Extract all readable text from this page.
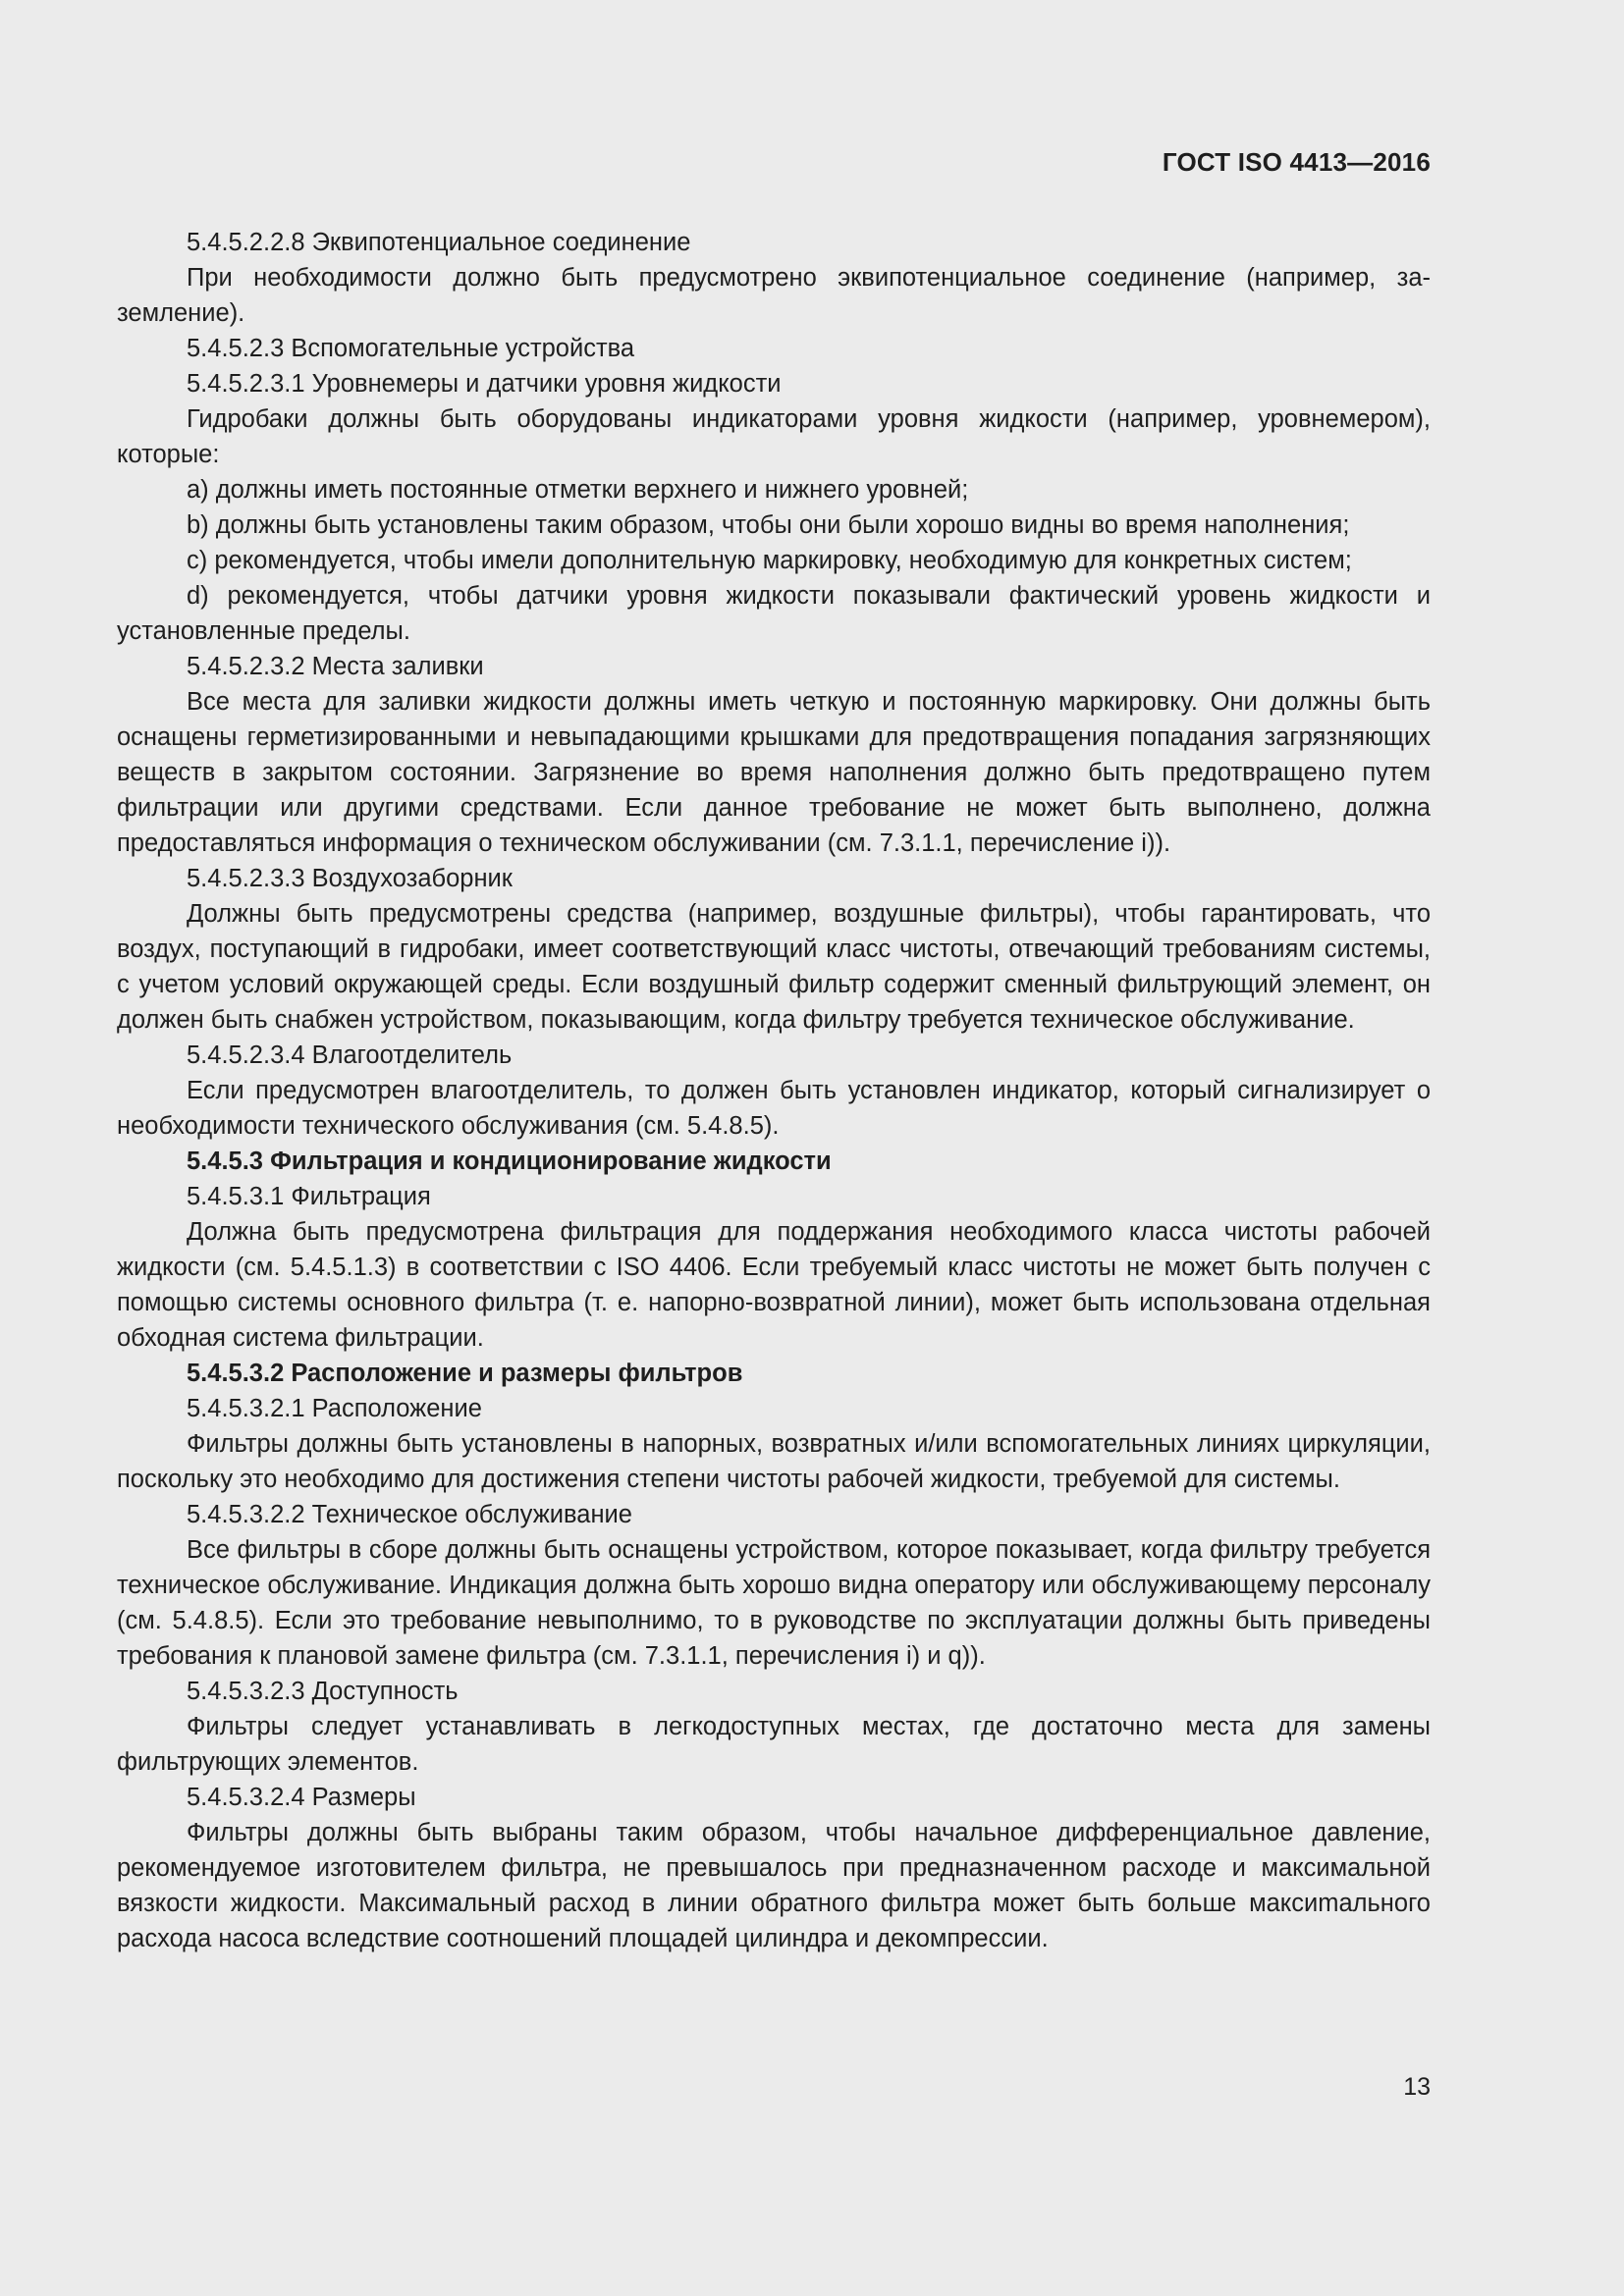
ГОСТ ISO 4413—2016

5.4.5.2.2.8 Эквипотенциальное соединение

При необходимости должно быть предусмотрено эквипотенциальное соединение (например, заземление).

5.4.5.2.3 Вспомогательные устройства

5.4.5.2.3.1 Уровнемеры и датчики уровня жидкости

Гидробаки должны быть оборудованы индикаторами уровня жидкости (например, уровнемером), которые:

a) должны иметь постоянные отметки верхнего и нижнего уровней;

b) должны быть установлены таким образом, чтобы они были хорошо видны во время наполнения;

c) рекомендуется, чтобы имели дополнительную маркировку, необходимую для конкретных систем;

d) рекомендуется, чтобы датчики уровня жидкости показывали фактический уровень жидкости и установленные пределы.

5.4.5.2.3.2 Места заливки

Все места для заливки жидкости должны иметь четкую и постоянную маркировку. Они должны быть оснащены герметизированными и невыпадающими крышками для предотвращения попадания загрязняющих веществ в закрытом состоянии. Загрязнение во время наполнения должно быть предотвращено путем фильтрации или другими средствами. Если данное требование не может быть выполнено, должна предоставляться информация о техническом обслуживании (см. 7.3.1.1, перечисление i)).

5.4.5.2.3.3 Воздухозаборник

Должны быть предусмотрены средства (например, воздушные фильтры), чтобы гарантировать, что воздух, поступающий в гидробаки, имеет соответствующий класс чистоты, отвечающий требованиям системы, с учетом условий окружающей среды. Если воздушный фильтр содержит сменный фильтрующий элемент, он должен быть снабжен устройством, показывающим, когда фильтру требуется техническое обслуживание.

5.4.5.2.3.4 Влагоотделитель

Если предусмотрен влагоотделитель, то должен быть установлен индикатор, который сигнализирует о необходимости технического обслуживания (см. 5.4.8.5).

5.4.5.3 Фильтрация и кондиционирование жидкости

5.4.5.3.1 Фильтрация

Должна быть предусмотрена фильтрация для поддержания необходимого класса чистоты рабочей жидкости (см. 5.4.5.1.3) в соответствии с ISO 4406. Если требуемый класс чистоты не может быть получен с помощью системы основного фильтра (т. е. напорно-возвратной линии), может быть использована отдельная обходная система фильтрации.

5.4.5.3.2 Расположение и размеры фильтров

5.4.5.3.2.1 Расположение

Фильтры должны быть установлены в напорных, возвратных и/или вспомогательных линиях циркуляции, поскольку это необходимо для достижения степени чистоты рабочей жидкости, требуемой для системы.

5.4.5.3.2.2 Техническое обслуживание

Все фильтры в сборе должны быть оснащены устройством, которое показывает, когда фильтру требуется техническое обслуживание. Индикация должна быть хорошо видна оператору или обслуживающему персоналу (см. 5.4.8.5). Если это требование невыполнимо, то в руководстве по эксплуатации должны быть приведены требования к плановой замене фильтра (см. 7.3.1.1, перечисления i) и q)).

5.4.5.3.2.3 Доступность

Фильтры следует устанавливать в легкодоступных местах, где достаточно места для замены фильтрующих элементов.

5.4.5.3.2.4 Размеры

Фильтры должны быть выбраны таким образом, чтобы начальное дифференциальное давление, рекомендуемое изготовителем фильтра, не превышалось при предназначенном расходе и максимальной вязкости жидкости. Максимальный расход в линии обратного фильтра может быть больше максиmального расхода насоса вследствие соотношений площадей цилиндра и декомпрессии.

13
